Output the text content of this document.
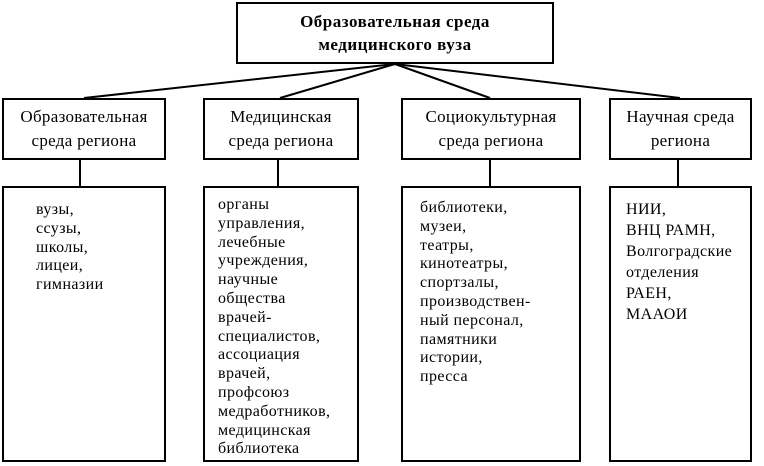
Образовательная среда
медицинского вуза
Образовательная
среда региона
Медицинская
среда региона
Социокультурная
среда региона
Научная среда
региона
вузы,
ссузы,
школы,
лицеи,
гимназии
органы
управления,
лечебные
учреждения,
научные
общества
врачей-
специалистов,
ассоциация
врачей,
профсоюз
медработников,
медицинская
библиотека
библиотеки,
музеи,
театры,
кинотеатры,
спортзалы,
производствен-
ный персонал,
памятники
истории,
пресса
НИИ,
ВНЦ РАМН,
Волгоградские
отделения
РАЕН,
МААОИ
